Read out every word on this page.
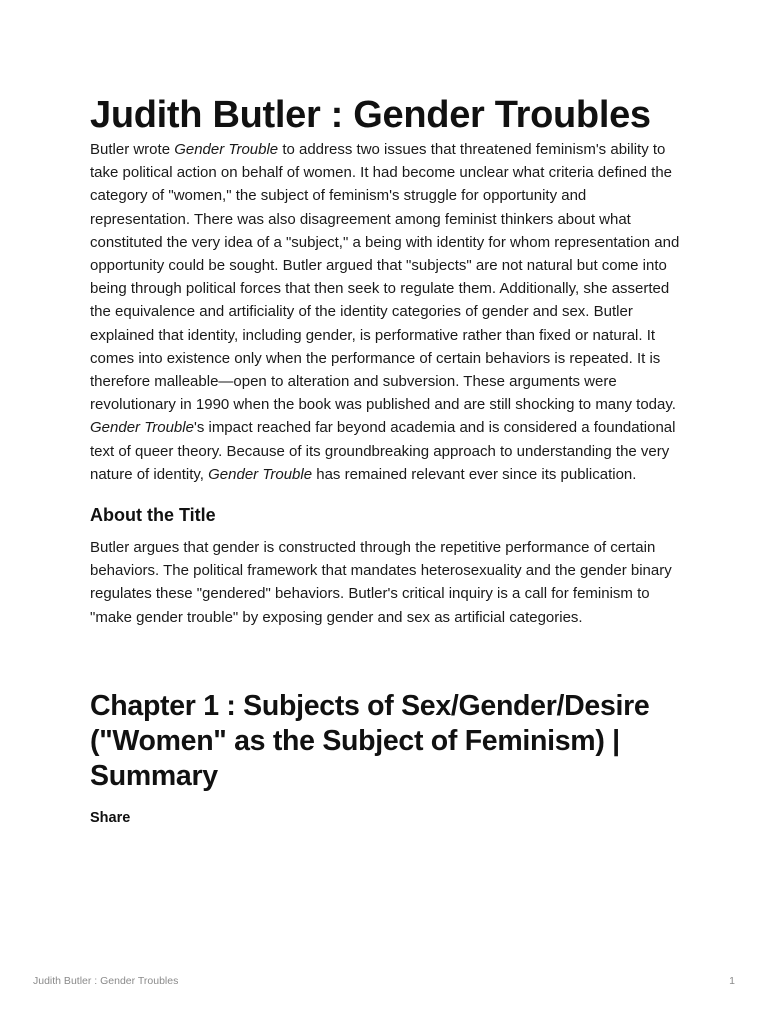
Judith Butler : Gender Troubles

Butler wrote Gender Trouble to address two issues that threatened feminism's ability to take political action on behalf of women. It had become unclear what criteria defined the category of "women," the subject of feminism's struggle for opportunity and representation. There was also disagreement among feminist thinkers about what constituted the very idea of a "subject," a being with identity for whom representation and opportunity could be sought. Butler argued that "subjects" are not natural but come into being through political forces that then seek to regulate them. Additionally, she asserted the equivalence and artificiality of the identity categories of gender and sex. Butler explained that identity, including gender, is performative rather than fixed or natural. It comes into existence only when the performance of certain behaviors is repeated. It is therefore malleable—open to alteration and subversion. These arguments were revolutionary in 1990 when the book was published and are still shocking to many today. Gender Trouble's impact reached far beyond academia and is considered a foundational text of queer theory. Because of its groundbreaking approach to understanding the very nature of identity, Gender Trouble has remained relevant ever since its publication.

About the Title

Butler argues that gender is constructed through the repetitive performance of certain behaviors. The political framework that mandates heterosexuality and the gender binary regulates these "gendered" behaviors. Butler's critical inquiry is a call for feminism to "make gender trouble" by exposing gender and sex as artificial categories.

Chapter 1 : Subjects of Sex/Gender/Desire ("Women" as the Subject of Feminism) | Summary
Share
Judith Butler : Gender Troubles	1
